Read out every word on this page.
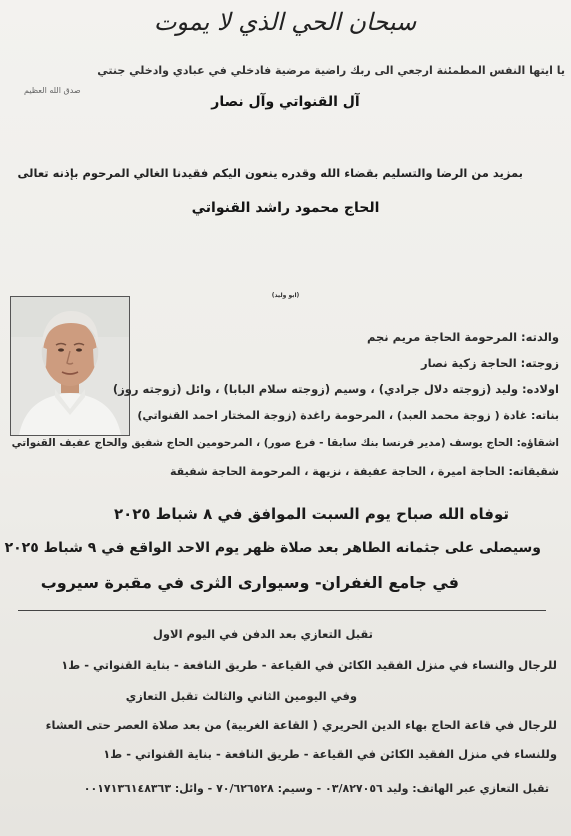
سبحان الحي الذي لا يموت
يا ايتها النفس المطمئنة ارجعي الى ربك راضية مرضية فادخلي في عبادي وادخلي جنتي
صدق الله العظيم
آل القنواتي وآل نصار
بمزيد من الرضا والتسليم بقضاء الله وقدره ينعون اليكم فقيدنا الغالي المرحوم بإذنه تعالى
الحاج محمود راشد القنواتي
(ابو وليد)
والدته: المرحومة الحاجة مريم نجم
زوجته: الحاجة زكية نصار
اولاده: وليد (زوجته دلال جرادي) ، وسيم (زوجته سلام البابا) ، وائل (زوجته روز)
بناته: غادة ( زوجة محمد العبد) ، المرحومة راغدة (زوجة المختار احمد القنواتي)
اشقاؤه: الحاج يوسف (مدير فرنسا بنك سابقا - فرع صور) ، المرحومين الحاج شفيق والحاج عفيف القنواتي
شقيقاته: الحاجة اميرة ، الحاجة عفيفة ، نزيهة ، المرحومة الحاجة شفيقة
توفاه الله صباح يوم السبت الموافق في ٨ شباط ٢٠٢٥
وسيصلى على جثمانه الطاهر بعد صلاة ظهر يوم الاحد الواقع في ٩ شباط ٢٠٢٥
في جامع الغفران- وسيوارى الثرى في مقبرة سيروب
تقبل التعازي بعد الدفن في اليوم الاول
للرجال والنساء في منزل الفقيد الكائن في القياعة - طريق النافعة - بناية القنواتي - ط١
وفي اليومين الثاني والثالث تقبل التعازي
للرجال في قاعة الحاج بهاء الدين الحريري ( القاعة الغربية) من بعد صلاة العصر حتى العشاء
وللنساء في منزل الفقيد الكائن في القياعة - طريق النافعة - بناية القنواتي - ط١
تقبل التعازي عبر الهاتف: وليد ٠٣/٨٢٧٠٥٦ - وسيم: ٧٠/٦٢٦٥٢٨ - وائل: ٠٠١٧١٣٦١٤٨٣٦٣
